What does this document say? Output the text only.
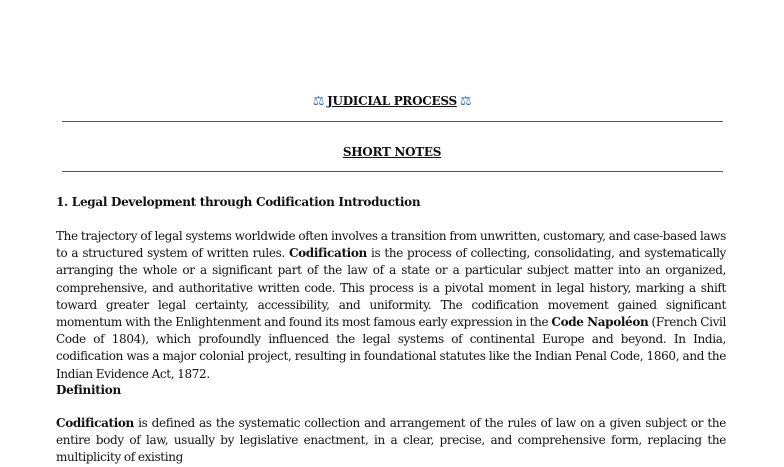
⚖ JUDICIAL PROCESS ⚖
SHORT NOTES
1. Legal Development through Codification Introduction
The trajectory of legal systems worldwide often involves a transition from unwritten, customary, and case-based laws to a structured system of written rules. Codification is the process of collecting, consolidating, and systematically arranging the whole or a significant part of the law of a state or a particular subject matter into an organized, comprehensive, and authoritative written code. This process is a pivotal moment in legal history, marking a shift toward greater legal certainty, accessibility, and uniformity. The codification movement gained significant momentum with the Enlightenment and found its most famous early expression in the Code Napoléon (French Civil Code of 1804), which profoundly influenced the legal systems of continental Europe and beyond. In India, codification was a major colonial project, resulting in foundational statutes like the Indian Penal Code, 1860, and the Indian Evidence Act, 1872.
Definition
Codification is defined as the systematic collection and arrangement of the rules of law on a given subject or the entire body of law, usually by legislative enactment, in a clear, precise, and comprehensive form, replacing the multiplicity of existing
